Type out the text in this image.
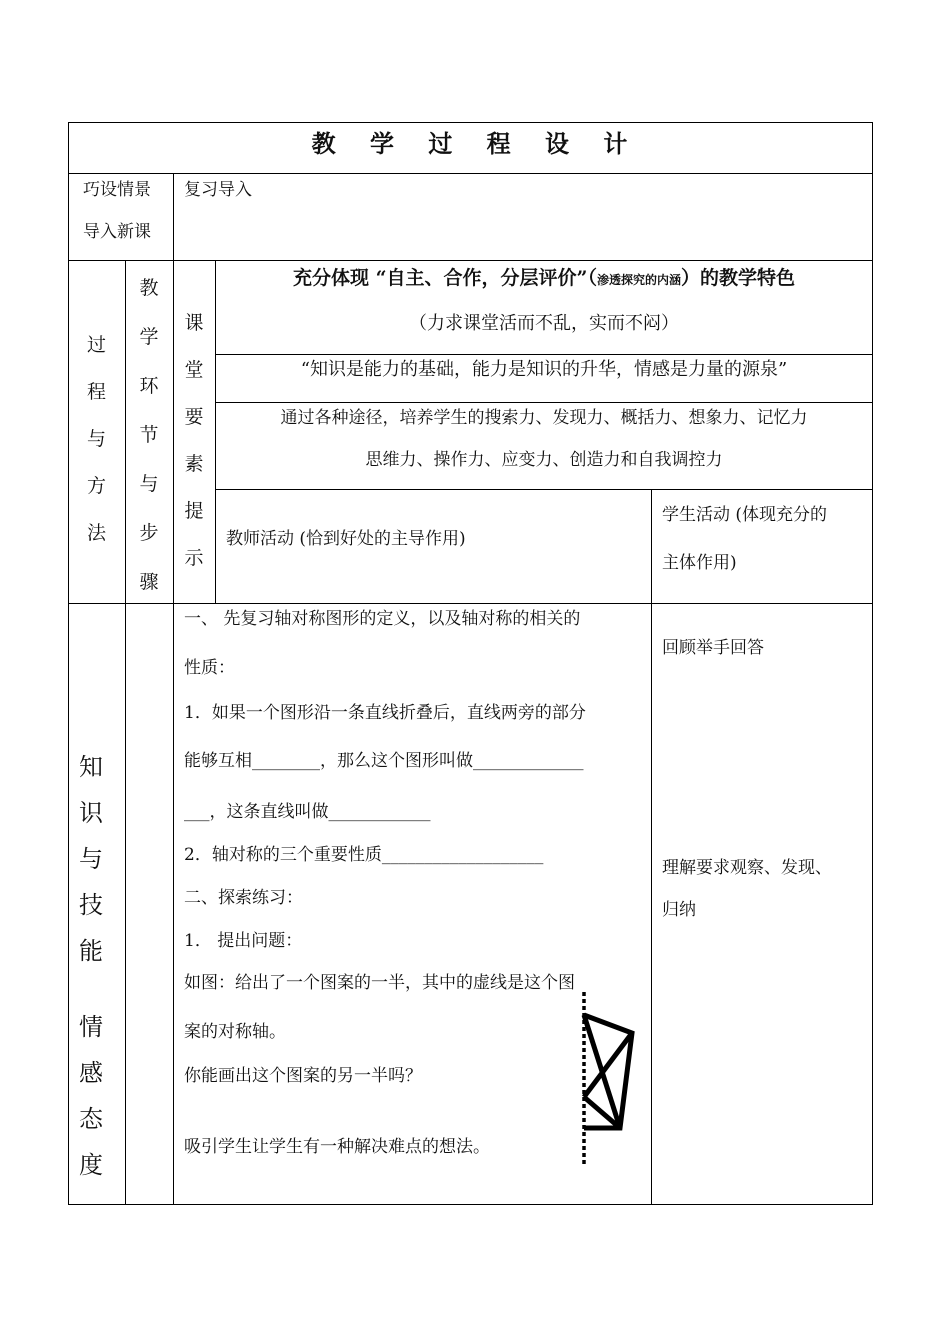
教 学 过 程 设 计
巧设情景
导入新课
复习导入
过
程
与
方
法
教
学
环
节
与
步
骤
课
堂
要
素
提
示
充分体现 “自主、合作，分层评价”（渗透探究的内涵）的教学特色
（力求课堂活而不乱，实而不闷）
“知识是能力的基础，能力是知识的升华，情感是力量的源泉”
通过各种途径，培养学生的搜索力、发现力、概括力、想象力、记忆力
思维力、操作力、应变力、创造力和自我调控力
教师活动 (恰到好处的主导作用)
学生活动 (体现充分的
主体作用)
知
识
与
技
能
情
感
态
度
一、 先复习轴对称图形的定义，以及轴对称的相关的
性质：
1．如果一个图形沿一条直线折叠后，直线两旁的部分
能够互相________，那么这个图形叫做_____________
___，这条直线叫做____________
2．轴对称的三个重要性质___________________
二、探索练习：
1． 提出问题：
如图：给出了一个图案的一半，其中的虚线是这个图
案的对称轴。
你能画出这个图案的另一半吗？
吸引学生让学生有一种解决难点的想法。
回顾举手回答
理解要求观察、发现、
归纳
